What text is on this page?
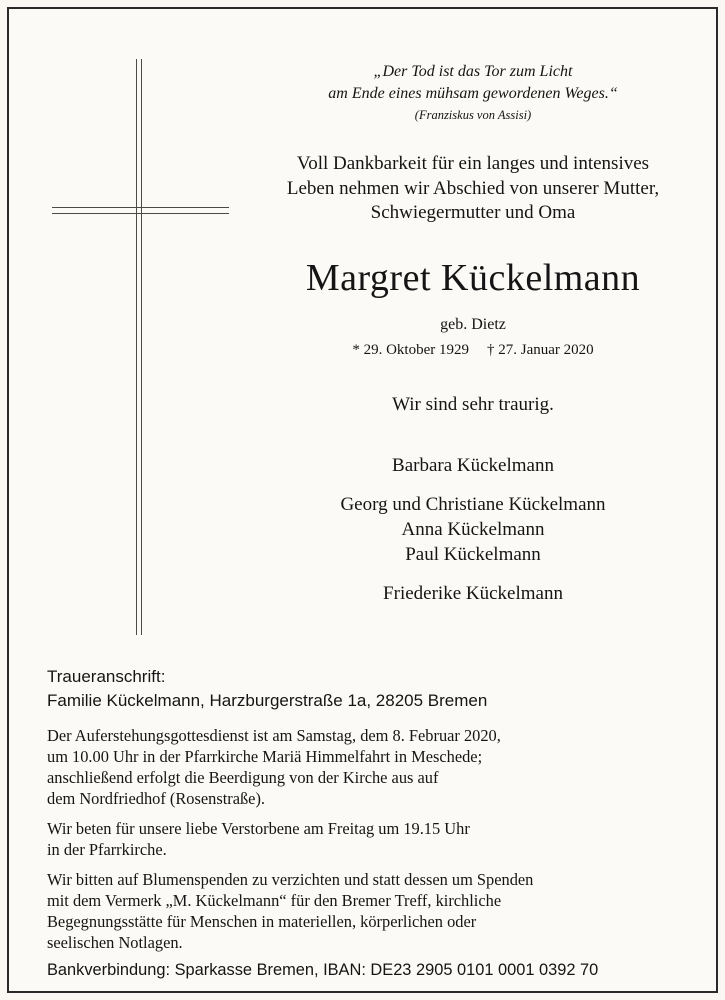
„Der Tod ist das Tor zum Licht
am Ende eines mühsam gewordenen Weges.“
(Franziskus von Assisi)
Voll Dankbarkeit für ein langes und intensives
Leben nehmen wir Abschied von unserer Mutter,
Schwiegermutter und Oma
Margret Kückelmann
geb. Dietz
* 29. Oktober 1929 † 27. Januar 2020
Wir sind sehr traurig.
Barbara Kückelmann
Georg und Christiane Kückelmann
Anna Kückelmann
Paul Kückelmann
Friederike Kückelmann
Traueranschrift:
Familie Kückelmann, Harzburgerstraße 1a, 28205 Bremen
Der Auferstehungsgottesdienst ist am Samstag, dem 8. Februar 2020,
um 10.00 Uhr in der Pfarrkirche Mariä Himmelfahrt in Meschede;
anschließend erfolgt die Beerdigung von der Kirche aus auf
dem Nordfriedhof (Rosenstraße).
Wir beten für unsere liebe Verstorbene am Freitag um 19.15 Uhr
in der Pfarrkirche.
Wir bitten auf Blumenspenden zu verzichten und statt dessen um Spenden
mit dem Vermerk „M. Kückelmann“ für den Bremer Treff, kirchliche
Begegnungsstätte für Menschen in materiellen, körperlichen oder
seelischen Notlagen.
Bankverbindung: Sparkasse Bremen, IBAN: DE23 2905 0101 0001 0392 70
